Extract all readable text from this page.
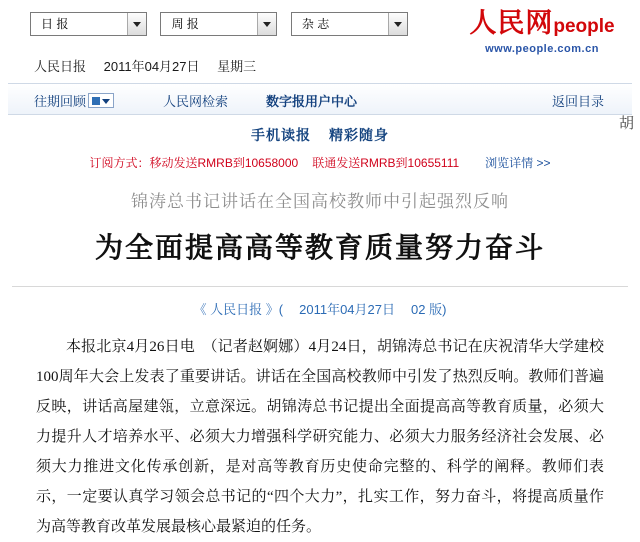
日 报	周 报	杂 志	人民网people
www.people.com.cn
人民日报 2011年04月27日 星期三
往期回顾	人民网检索	数字报用户中心	返回目录
胡
手机读报 精彩随身
订阅方式：移动发送RMRB到10658000 联通发送RMRB到10655111 浏览详情 >>
锦涛总书记讲话在全国高校教师中引起强烈反响
为全面提高高等教育质量努力奋斗
《 人民日报 》( 2011年04月27日 02 版)
本报北京4月26日电　（记者赵婀娜）4月24日，胡锦涛总书记在庆祝清华大学建校100周年大会上发表了重要讲话。讲话在全国高校教师中引发了热烈反响。教师们普遍反映，讲话高屋建瓴，立意深远。胡锦涛总书记提出全面提高高等教育质量，必须大力提升人才培养水平、必须大力增强科学研究能力、必须大力服务经济社会发展、必须大力推进文化传承创新，是对高等教育历史使命完整的、科学的阐释。教师们表示，一定要认真学习领会总书记的“四个大力”，扎实工作，努力奋斗，将提高质量作为高等教育改革发展最核心最紧迫的任务。
